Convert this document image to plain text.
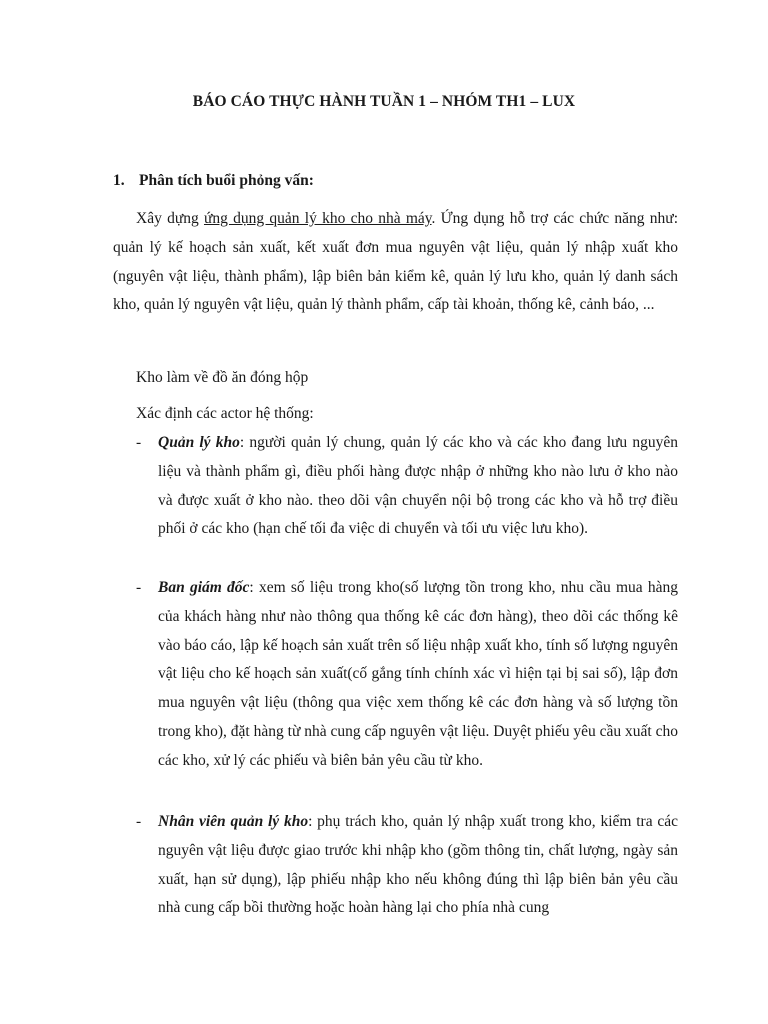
BÁO CÁO THỰC HÀNH TUẦN 1 – NHÓM TH1 – LUX
1. Phân tích buổi phỏng vấn:
Xây dựng ứng dụng quản lý kho cho nhà máy. Ứng dụng hỗ trợ các chức năng như: quản lý kế hoạch sản xuất, kết xuất đơn mua nguyên vật liệu, quản lý nhập xuất kho (nguyên vật liệu, thành phẩm), lập biên bản kiểm kê, quản lý lưu kho, quản lý danh sách kho, quản lý nguyên vật liệu, quản lý thành phẩm, cấp tài khoản, thống kê, cảnh báo, ...
Kho làm về đồ ăn đóng hộp
Xác định các actor hệ thống:
- Quản lý kho: người quản lý chung, quản lý các kho và các kho đang lưu nguyên liệu và thành phẩm gì, điều phối hàng được nhập ở những kho nào lưu ở kho nào và được xuất ở kho nào. theo dõi vận chuyển nội bộ trong các kho và hỗ trợ điều phối ở các kho (hạn chế tối đa việc di chuyển và tối ưu việc lưu kho).
- Ban giám đốc: xem số liệu trong kho(số lượng tồn trong kho, nhu cầu mua hàng của khách hàng như nào thông qua thống kê các đơn hàng), theo dõi các thống kê vào báo cáo, lập kế hoạch sản xuất trên số liệu nhập xuất kho, tính số lượng nguyên vật liệu cho kế hoạch sản xuất(cố gắng tính chính xác vì hiện tại bị sai số), lập đơn mua nguyên vật liệu (thông qua việc xem thống kê các đơn hàng và số lượng tồn trong kho), đặt hàng từ nhà cung cấp nguyên vật liệu. Duyệt phiếu yêu cầu xuất cho các kho, xử lý các phiếu và biên bản yêu cầu từ kho.
- Nhân viên quản lý kho: phụ trách kho, quản lý nhập xuất trong kho, kiểm tra các nguyên vật liệu được giao trước khi nhập kho (gồm thông tin, chất lượng, ngày sản xuất, hạn sử dụng), lập phiếu nhập kho nếu không đúng thì lập biên bản yêu cầu nhà cung cấp bồi thường hoặc hoàn hàng lại cho phía nhà cung
